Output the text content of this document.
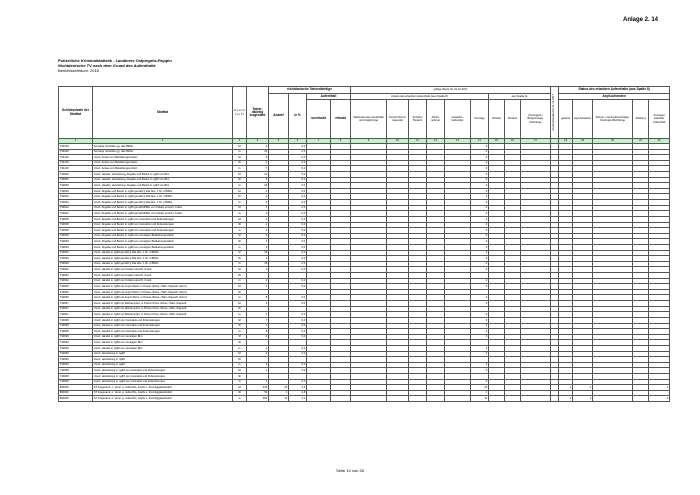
Anlage 2. 14
Polizeiliche Kriminalstatistik - Landkreis Ostprignitz-Ruppin
Nichtdeutsche TV nach dem Grund des Aufenthalts
Berichtszeitraum: 2016
Schlüsselzahl der Straftat	Straftat	G e s c h l e c h t	Tatver-dächtig insgesamt	nichtdeutsche Tatverdächtige				gültige Werte bis 31.12.2017									Asylsuchenden bis 31.12.2017	Status des erlaubten Aufenthalts (aus Spalte 8)				
				Anzahl	in %	Aufenthalt		Anteile des erlaubten Aufenthalts (aus Spalte 8)						aus Spalte 11				Asylsuchenden				
						unerlaubt	erlaubt	Stationierungs-streitkräfte und Angehörige	Tourist/ Durch-reisender	Schüler/ Student	Arbeit-nehmer	Gewerbe-treibender	Sonstige	Schüler	Student	Kontingent-/ Bürgerkriegs-flüchtlinge		gesamt	Asyl-bewerber	Schutz- und Asylberechtigte, Kontingentflüchtlinge	Duldung	Sonstiger erlaubter Aufenthalt
1	2	3	4	5	6	7	8	9	10	11	12	13	14	15	16	17		18	19	20	21	22
734000	Sonstige Verstöße gg. das BtMG	M	4		0,0								0									
734000	Sonstige Verstöße gg. das BtMG	G	31		0,0								0									
734100	Unerl. Anbau von Betäubungsmitteln	M	6		0,0								0									
734100	Unerl. Anbau von Betäubungsmitteln	W	1		0,0								0									
734100	Unerl. Anbau von Betäubungsmitteln	G	7		0,0								0									
734800	Unerl. Handel, Herstellung, Abgabe und Besitz in nglM von Btm	M	21		0,0								0									
734800	Unerl. Handel, Herstellung, Abgabe und Besitz in nglM von Btm	W	3		0,0								0									
734800	Unerl. Handel, Herstellung, Abgabe und Besitz in nglM von Btm	G	24		0,0								0									
734810	Unerl. Abgabe und Besitz in nglM gemäß § 29a Abs. 1 Nr. 2 BtMG	M	4		0,0								0									
734810	Unerl. Abgabe und Besitz in nglM gemäß § 29a Abs. 1 Nr. 2 BtMG	W	2		0,0								0									
734810	Unerl. Abgabe und Besitz in nglM gemäß § 29a Abs. 1 Nr. 2 BtMG	G	6		0,0								0									
734812	Unerl. Abgabe und Besitz in nglM gemäß BtMG von Kokain einschl. Crack	M	1		0,0								0									
734812	Unerl. Abgabe und Besitz in nglM gemäß BtMG von Kokain einschl. Crack	G	1		0,0								0									
734818	Unerl. Abgabe und Besitz in nglM von Cannabis und Zubereitungen	M	1		0,0								0									
734818	Unerl. Abgabe und Besitz in nglM von Cannabis und Zubereitungen	W	1		0,0								0									
734818	Unerl. Abgabe und Besitz in nglM von Cannabis und Zubereitungen	G	2		0,0								0									
734819	Unerl. Abgabe und Besitz in nglM von sonstigen Betäubungsmitteln	M	2		0,0								0									
734819	Unerl. Abgabe und Besitz in nglM von sonstigen Betäubungsmitteln	W	1		0,0								0									
734819	Unerl. Abgabe und Besitz in nglM von sonstigen Betäubungsmitteln	G	3		0,0								0									
734820	Unerl. Handel in nglM gemäß § 29a Abs. 1 Nr. 2 BtMG	M	15		0,0								0									
734820	Unerl. Handel in nglM gemäß § 29a Abs. 1 Nr. 2 BtMG	W	1		0,0								0									
734820	Unerl. Handel in nglM gemäß § 29a Abs. 1 Nr. 2 BtMG	G	16		0,0								0									
734822	Unerl. Handel in nglM von Kokain einschl. Crack	M	2		0,0								0									
734822	Unerl. Handel in nglM von Kokain einschl. Crack	W																				
734822	Unerl. Handel in nglM von Kokain einschl. Crack	G	2		0,0								0									
734825	Unerl. Handel in nglM mit Amph./Deriv. in Pulver-/Flüss.-/Tabl.-/Kapself. (Ecst.)	M	7		0,0								0									
734825	Unerl. Handel in nglM mit Amph./Deriv. in Pulver-/Flüss.-/Tabl.-/Kapself. (Ecst.)	W																				
734825	Unerl. Handel in nglM mit Amph./Deriv. in Pulver-/Flüss.-/Tabl.-/Kapself. (Ecst.)	G	8		0,0								0									
734827	Unerl. Handel in nglM mit Methamphet. in Pulver-/Krist.-/Flüss.-/Tabl.-/Kapself.	M	1		0,0								0									
734827	Unerl. Handel in nglM mit Methamphet. in Pulver-/Krist.-/Flüss.-/Tabl.-/Kapself.	W																				
734827	Unerl. Handel in nglM mit Methamphet. in Pulver-/Krist.-/Flüss.-/Tabl.-/Kapself.	G	1		0,0								0									
734828	Unerl. Handel in nglM von Cannabis und Zubereitungen	M	7		0,0								0									
734828	Unerl. Handel in nglM von Cannabis und Zubereitungen	W	1		0,0								0									
734828	Unerl. Handel in nglM von Cannabis und Zubereitungen	G	8		0,0								0									
734829	Unerl. Handel in nglM von sonstigen Btm	M	1		0,0								0									
734829	Unerl. Handel in nglM von sonstigen Btm	W																				
734829	Unerl. Handel in nglM von sonstigen Btm	G	1		0,0								0									
734840	Unerl. Herstellung in nglM	M	2		0,0								0									
734840	Unerl. Herstellung in nglM	W																				
734840	Unerl. Herstellung in nglM	G	2		0,0								0									
734848	Unerl. Herstellung in nglM von Cannabis und Zubereitungen	M	1		0,0								0									
734848	Unerl. Herstellung in nglM von Cannabis und Zubereitungen	W																				
734848	Unerl. Herstellung in nglM von Cannabis und Zubereitungen	G	2		0,0								0									
890000	ST insgesamt, o. Verst. g. AufenthG, AsylG u. FreizügigkeitsG/EU	M	233	10	4,3								10					1	1			1
890000	ST insgesamt, o. Verst. g. AufenthG, AsylG u. FreizügigkeitsG/EU	W	50	1	2,8								1									
890000	ST insgesamt, o. Verst. g. AufenthG, AsylG u. FreizügigkeitsG/EU	G	284	11	4,1								11					1	1			1
Seite 14 von 26
